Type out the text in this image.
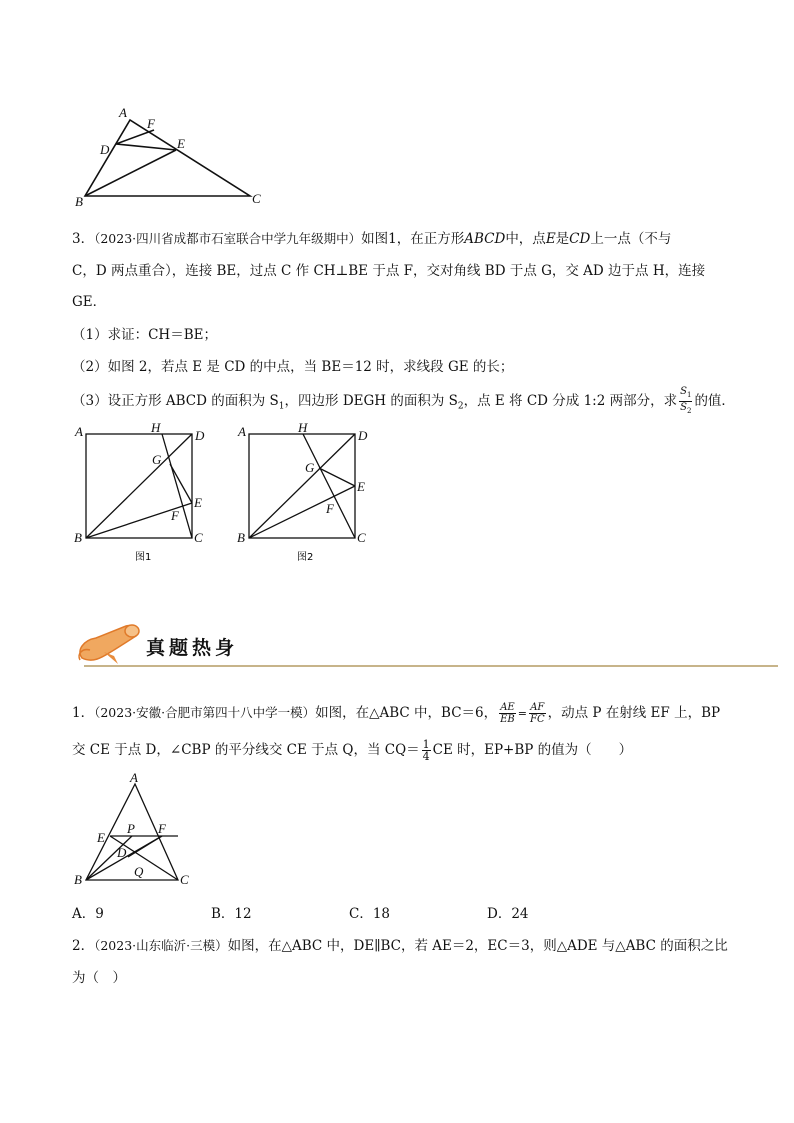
A
F
D	E
B	C
3．（2023·四川省成都市石室联合中学九年级期中）如图1，在正方形ABCD中，点E是CD上一点（不与
C，D 两点重合），连接 BE，过点 C 作 CH⊥BE 于点 F，交对角线 BD 于点 G，交 AD 边于点 H，连接
GE．
（1）求证：CH＝BE；
（2）如图 2，若点 E 是 CD 的中点，当 BE＝12 时，求线段 GE 的长；
（3）设正方形 ABCD 的面积为 $S_1$，四边形 DEGH 的面积为 $S_2$，点 E 将 CD 分成 1:2 两部分，求 $\frac{S_1}{S_2}$ 的值．
A	H
D
G
E
F
B	C
图1
A	H
D
G
E
F
B	C
图2
真题热身
1．（2023·安徽·合肥市第四十八中学一模）如图，在△ABC 中，BC＝6， $\frac{AE}{EB} = \frac{AF}{FC}$ ，动点 P 在射线 EF 上，BP
交 CE 于点 D，∠CBP 的平分线交 CE 于点 Q，当 $CQ= \frac{1}{4}$ CE 时，EP+BP 的值为（　　）
A
E
P F
D
Q
B	C
A．9	B．12	C．18	D．24
2．（2023·山东临沂·三模）如图，在△ABC 中，DE∥BC，若 AE＝2，EC＝3，则△ADE 与△ABC 的面积之比
为（　）
